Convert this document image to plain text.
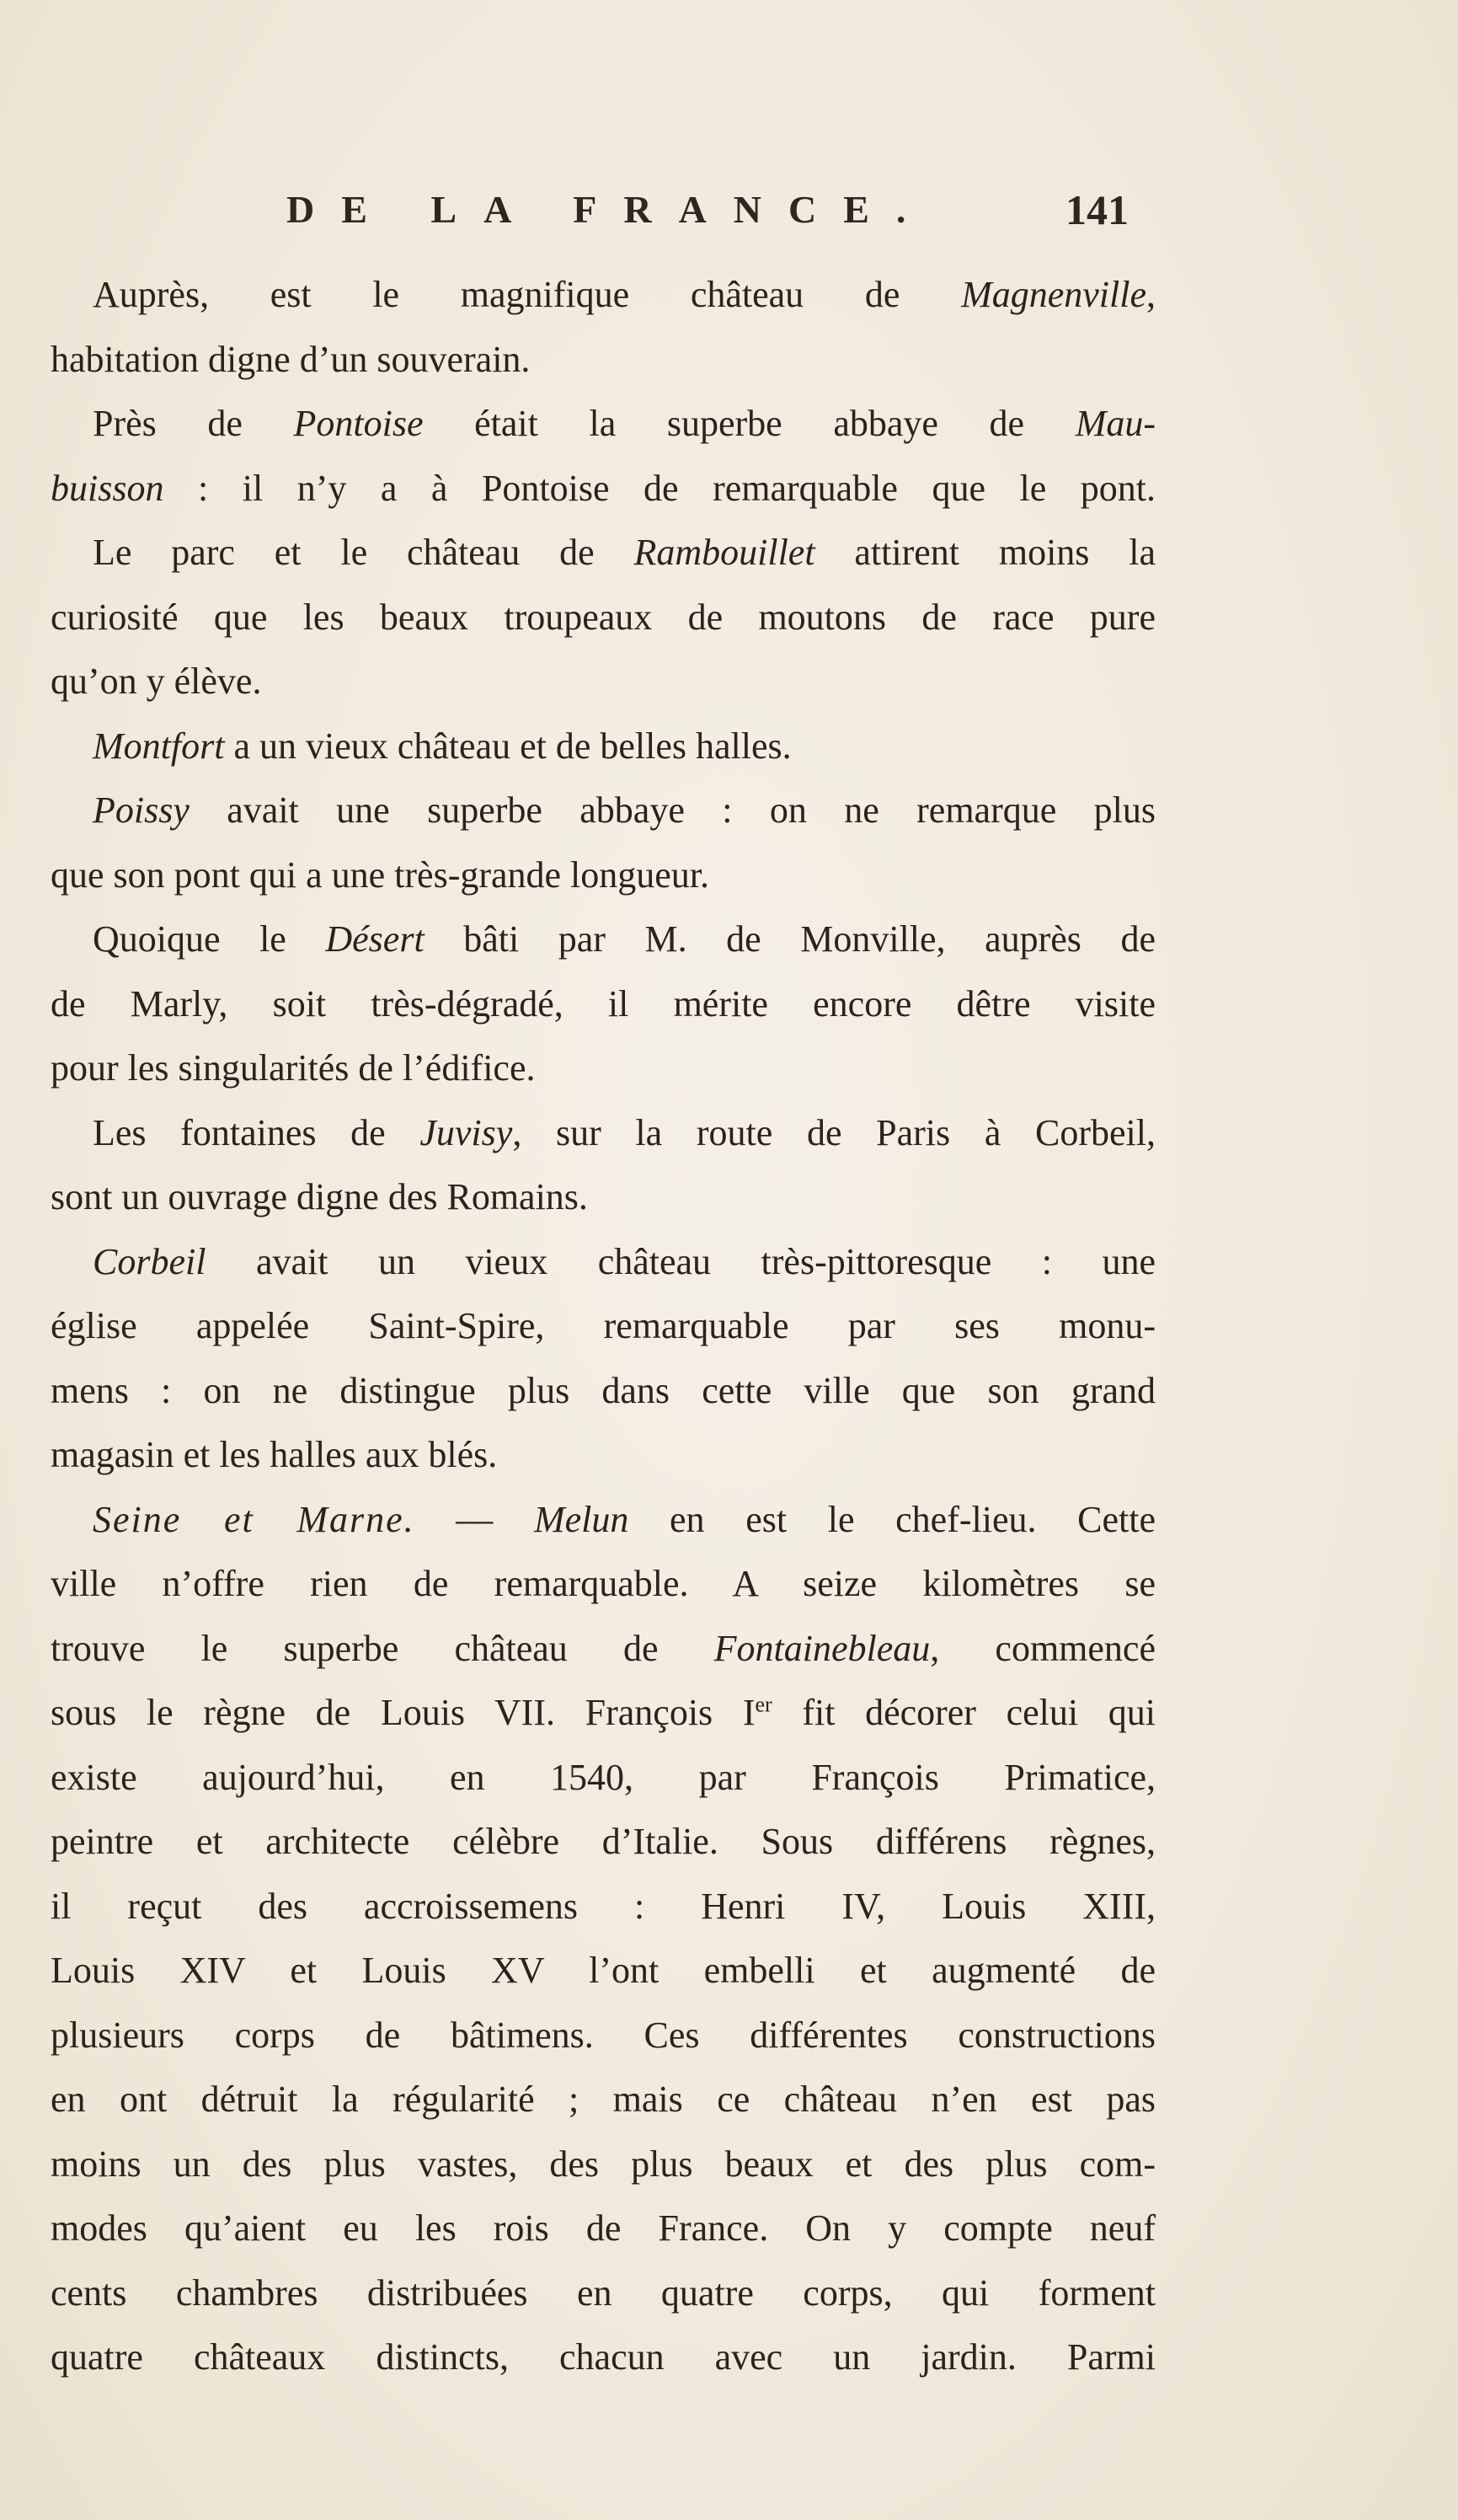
DE LA FRANCE.	141
Auprès, est le magnifique château de Magnenville,
habitation digne d’un souverain.
Près de Pontoise était la superbe abbaye de Mau-
buisson : il n’y a à Pontoise de remarquable que le pont.
Le parc et le château de Rambouillet attirent moins la
curiosité que les beaux troupeaux de moutons de race pure
qu’on y élève.
Montfort a un vieux château et de belles halles.
Poissy avait une superbe abbaye : on ne remarque plus
que son pont qui a une très-grande longueur.
Quoique le Désert bâti par M. de Monville, auprès de
de Marly, soit très-dégradé, il mérite encore dêtre visite
pour les singularités de l’édifice.
Les fontaines de Juvisy, sur la route de Paris à Corbeil,
sont un ouvrage digne des Romains.
Corbeil avait un vieux château très-pittoresque : une
église appelée Saint-Spire, remarquable par ses monu-
mens : on ne distingue plus dans cette ville que son grand
magasin et les halles aux blés.
Seine et Marne. — Melun en est le chef-lieu. Cette
ville n’offre rien de remarquable. A seize kilomètres se
trouve le superbe château de Fontainebleau, commencé
sous le règne de Louis VII. François Ier fit décorer celui qui
existe aujourd’hui, en 1540, par François Primatice,
peintre et architecte célèbre d’Italie. Sous différens règnes,
il reçut des accroissemens : Henri IV, Louis XIII,
Louis XIV et Louis XV l’ont embelli et augmenté de
plusieurs corps de bâtimens. Ces différentes constructions
en ont détruit la régularité ; mais ce château n’en est pas
moins un des plus vastes, des plus beaux et des plus com-
modes qu’aient eu les rois de France. On y compte neuf
cents chambres distribuées en quatre corps, qui forment
quatre châteaux distincts, chacun avec un jardin. Parmi
